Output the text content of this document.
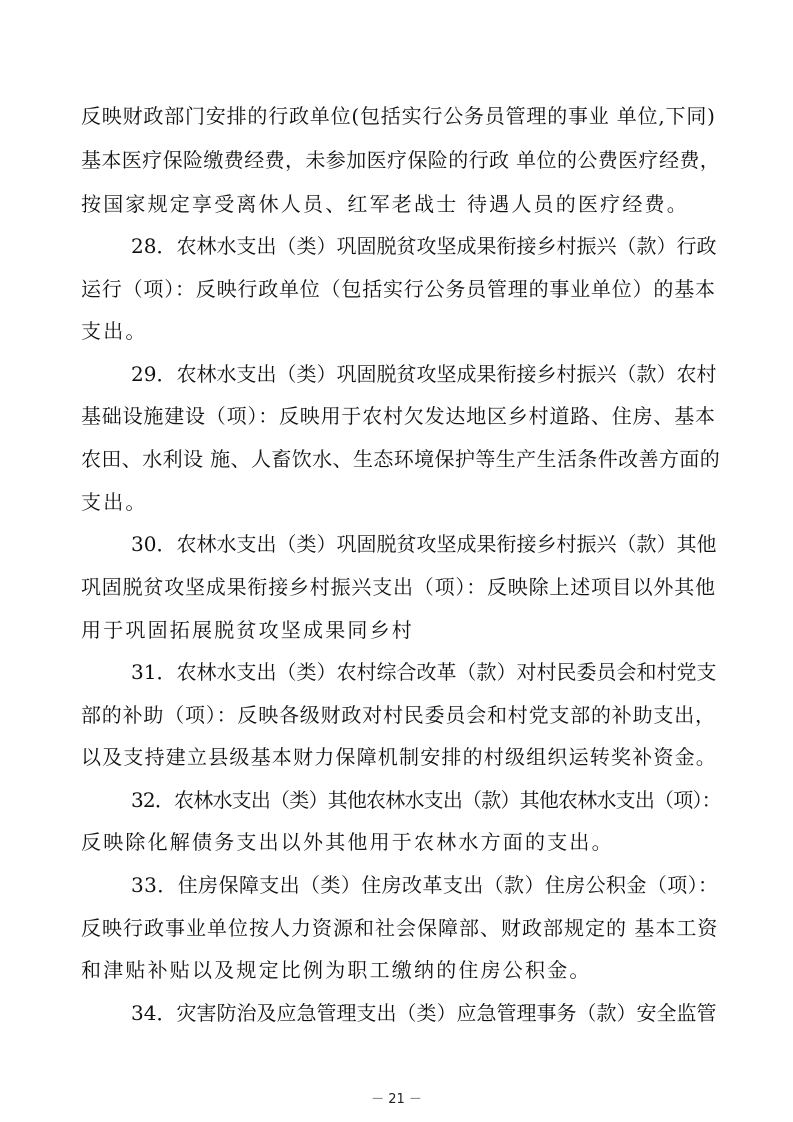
反映财政部门安排的行政单位(包括实行公务员管理的事业 单位,下同)
基本医疗保险缴费经费，未参加医疗保险的行政 单位的公费医疗经费，
按国家规定享受离休人员、红军老战士 待遇人员的医疗经费。
28．农林水支出（类）巩固脱贫攻坚成果衔接乡村振兴（款）行政
运行（项）：反映行政单位（包括实行公务员管理的事业单位）的基本
支出。
29．农林水支出（类）巩固脱贫攻坚成果衔接乡村振兴（款）农村
基础设施建设（项）：反映用于农村欠发达地区乡村道路、住房、基本
农田、水利设 施、人畜饮水、生态环境保护等生产生活条件改善方面的
支出。
30．农林水支出（类）巩固脱贫攻坚成果衔接乡村振兴（款）其他
巩固脱贫攻坚成果衔接乡村振兴支出（项）：反映除上述项目以外其他
用于巩固拓展脱贫攻坚成果同乡村
31．农林水支出（类）农村综合改革（款）对村民委员会和村党支
部的补助（项）：反映各级财政对村民委员会和村党支部的补助支出，
以及支持建立县级基本财力保障机制安排的村级组织运转奖补资金。
32．农林水支出（类）其他农林水支出（款）其他农林水支出（项）：
反映除化解债务支出以外其他用于农林水方面的支出。
33．住房保障支出（类）住房改革支出（款）住房公积金（项）：
反映行政事业单位按人力资源和社会保障部、财政部规定的 基本工资
和津贴补贴以及规定比例为职工缴纳的住房公积金。
34．灾害防治及应急管理支出（类）应急管理事务（款）安全监管
－ 21 －
